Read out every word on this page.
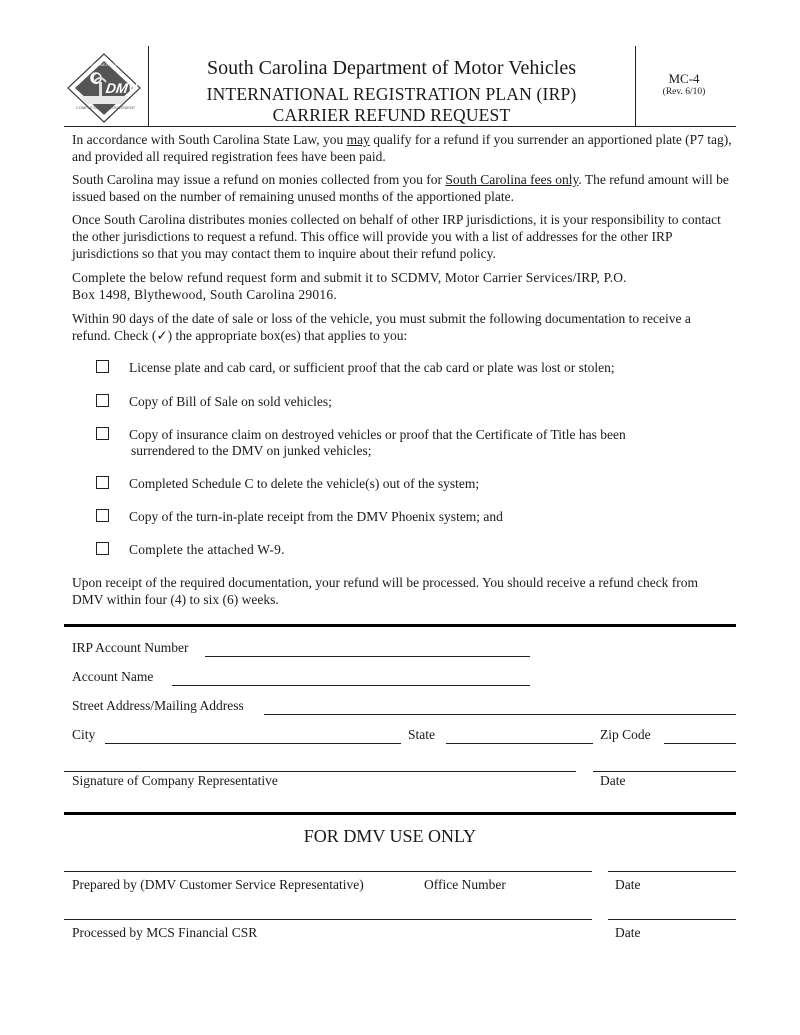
DMV
CONNECTED
COMPLETE	CONVENIENT
South Carolina Department of Motor Vehicles
INTERNATIONAL REGISTRATION PLAN (IRP)
CARRIER REFUND REQUEST
MC-4
(Rev. 6/10)
In accordance with South Carolina State Law, you may qualify for a refund if you surrender an apportioned plate (P7 tag), and provided all required registration fees have been paid.
South Carolina may issue a refund on monies collected from you for South Carolina fees only. The refund amount will be issued based on the number of remaining unused months of the apportioned plate.
Once South Carolina distributes monies collected on behalf of other IRP jurisdictions, it is your responsibility to contact the other jurisdictions to request a refund. This office will provide you with a list of addresses for the other IRP jurisdictions so that you may contact them to inquire about their refund policy.
Complete the below refund request form and submit it to SCDMV, Motor Carrier Services/IRP, P.O.
Box 1498, Blythewood, South Carolina 29016.
Within 90 days of the date of sale or loss of the vehicle, you must submit the following documentation to receive a refund. Check (✓) the appropriate box(es) that applies to you:
License plate and cab card, or sufficient proof that the cab card or plate was lost or stolen;
Copy of Bill of Sale on sold vehicles;
Copy of insurance claim on destroyed vehicles or proof that the Certificate of Title has been
surrendered to the DMV on junked vehicles;
Completed Schedule C to delete the vehicle(s) out of the system;
Copy of the turn-in-plate receipt from the DMV Phoenix system; and
Complete the attached W-9.
Upon receipt of the required documentation, your refund will be processed. You should receive a refund check from DMV within four (4) to six (6) weeks.
IRP Account Number
Account Name
Street Address/Mailing Address
City	State	Zip Code
Signature of Company Representative	Date
FOR DMV USE ONLY
Prepared by (DMV Customer Service Representative)	Office Number	Date
Processed by MCS Financial CSR	Date
